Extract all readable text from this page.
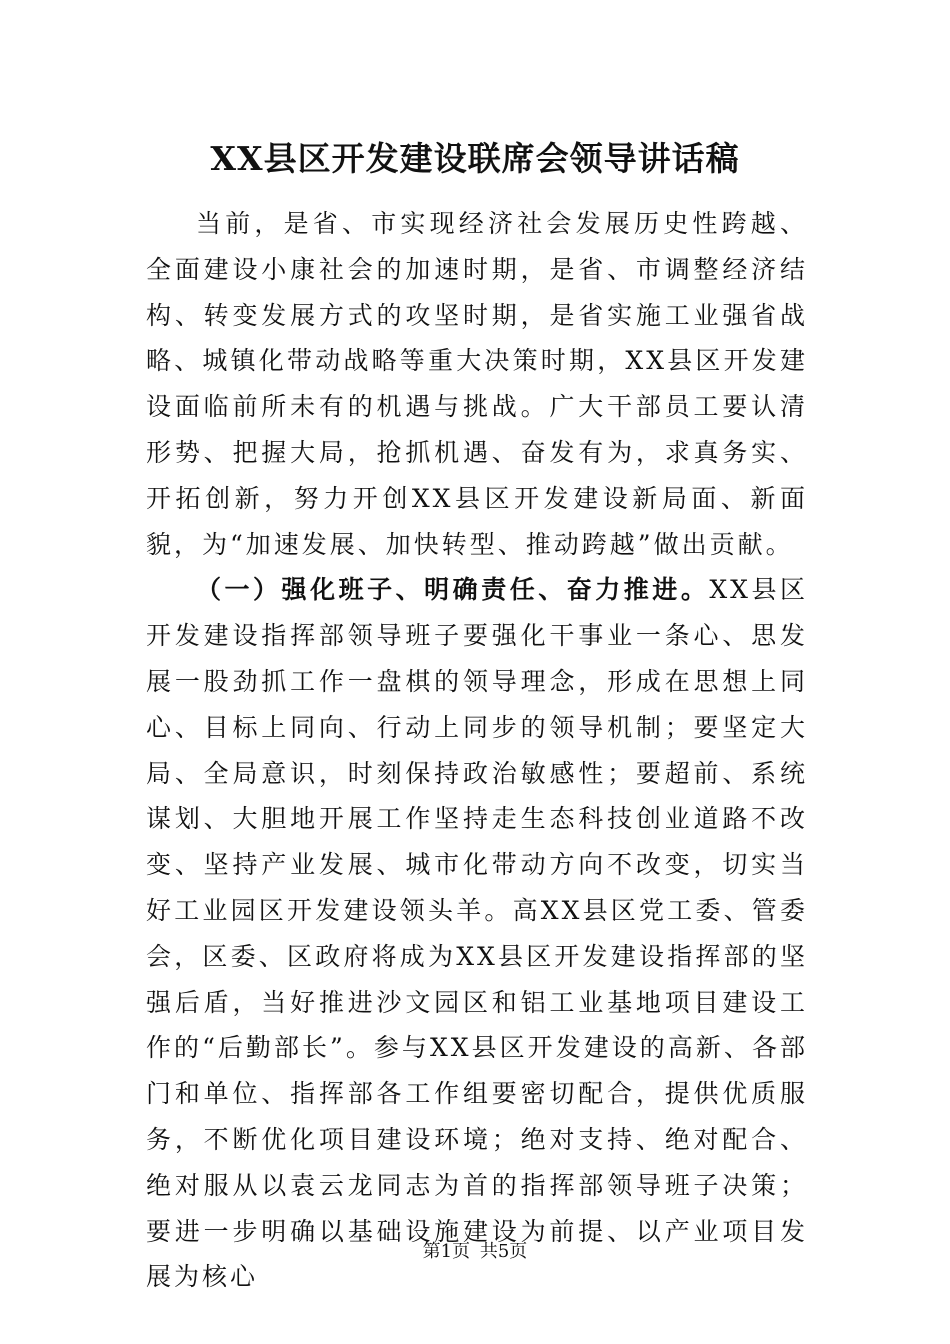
XX县区开发建设联席会领导讲话稿

当前，是省、市实现经济社会发展历史性跨越、全面建设小康社会的加速时期，是省、市调整经济结构、转变发展方式的攻坚时期，是省实施工业强省战略、城镇化带动战略等重大决策时期，XX县区开发建设面临前所未有的机遇与挑战。广大干部员工要认清形势、把握大局，抢抓机遇、奋发有为，求真务实、开拓创新，努力开创XX县区开发建设新局面、新面貌，为“加速发展、加快转型、推动跨越”做出贡献。

（一）强化班子、明确责任、奋力推进。XX县区开发建设指挥部领导班子要强化干事业一条心、思发展一股劲抓工作一盘棋的领导理念，形成在思想上同心、目标上同向、行动上同步的领导机制；要坚定大局、全局意识，时刻保持政治敏感性；要超前、系统谋划、大胆地开展工作坚持走生态科技创业道路不改变、坚持产业发展、城市化带动方向不改变，切实当好工业园区开发建设领头羊。高XX县区党工委、管委会，区委、区政府将成为XX县区开发建设指挥部的坚强后盾，当好推进沙文园区和铝工业基地项目建设工作的“后勤部长”。参与XX县区开发建设的高新、各部门和单位、指挥部各工作组要密切配合，提供优质服务，不断优化项目建设环境；绝对支持、绝对配合、绝对服从以袁云龙同志为首的指挥部领导班子决策；要进一步明确以基础设施建设为前提、以产业项目发展为核心

第1页 共5页
